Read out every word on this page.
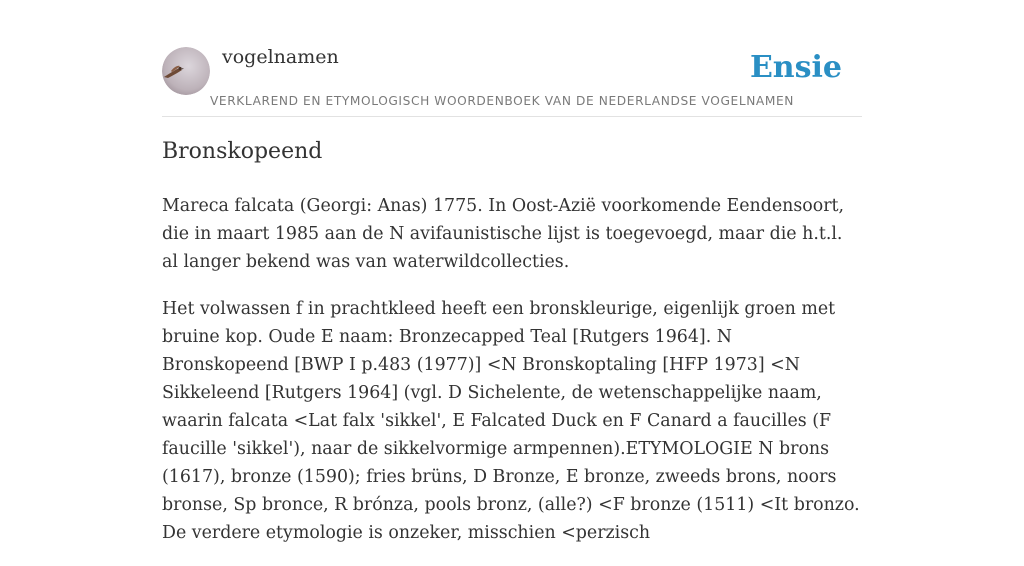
vogelnamen	Ensie
VERKLAREND EN ETYMOLOGISCH WOORDENBOEK VAN DE NEDERLANDSE VOGELNAMEN
Bronskopeend

Mareca falcata (Georgi: Anas) 1775. In Oost-Azië voorkomende Eendensoort, die in maart 1985 aan de N avifaunistische lijst is toegevoegd, maar die h.t.l. al langer bekend was van waterwildcollecties.

Het volwassen f in prachtkleed heeft een bronskleurige, eigenlijk groen met bruine kop. Oude E naam: Bronzecapped Teal [Rutgers 1964]. N Bronskopeend [BWP I p.483 (1977)] <N Bronskoptaling [HFP 1973] <N Sikkeleend [Rutgers 1964] (vgl. D Sichelente, de wetenschappelijke naam, waarin falcata <Lat falx 'sikkel', E Falcated Duck en F Canard a faucilles (F faucille 'sikkel'), naar de sikkelvormige armpennen).ETYMOLOGIE N brons (1617), bronze (1590); fries brüns, D Bronze, E bronze, zweeds brons, noors bronse, Sp bronce, R brónza, pools bronz, (alle?) <F bronze (1511) <It bronzo. De verdere etymologie is onzeker, misschien <perzisch
